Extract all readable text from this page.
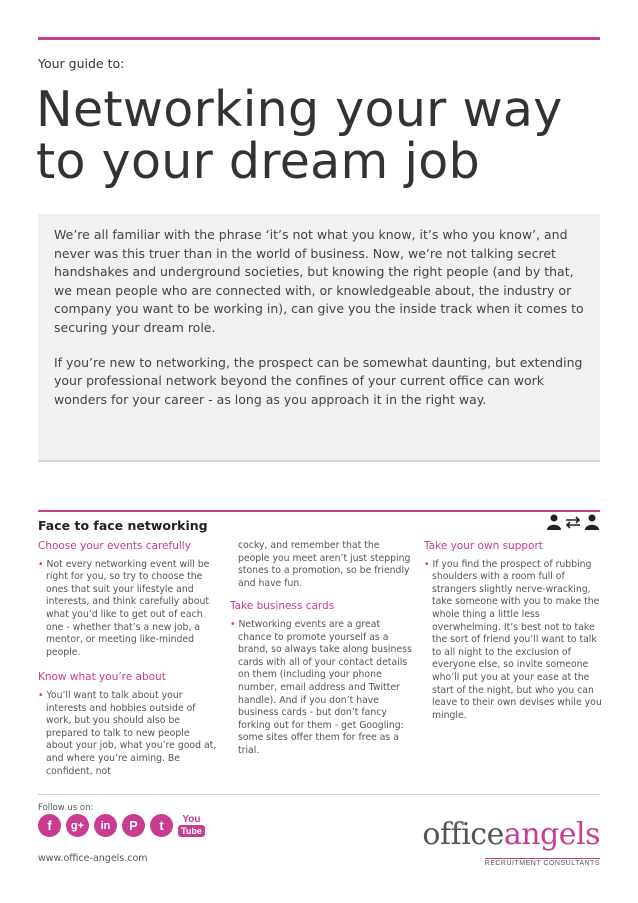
Your guide to:
Networking your way
to your dream job

We’re all familiar with the phrase ‘it’s not what you know, it’s who you know’, and never was this truer than in the world of business. Now, we’re not talking secret handshakes and underground societies, but knowing the right people (and by that, we mean people who are connected with, or knowledgeable about, the industry or company you want to be working in), can give you the inside track when it comes to securing your dream role.

If you’re new to networking, the prospect can be somewhat daunting, but extending your professional network beyond the confines of your current office can work wonders for your career - as long as you approach it in the right way.

Face to face networking
Choose your events carefully
• Not every networking event will be right for you, so try to choose the ones that suit your lifestyle and interests, and think carefully about what you’d like to get out of each one - whether that’s a new job, a mentor, or meeting like-minded people.
Know what you’re about
• You’ll want to talk about your interests and hobbies outside of work, but you should also be prepared to talk to new people about your job, what you’re good at, and where you’re aiming. Be confident, not
cocky, and remember that the people you meet aren’t just stepping stones to a promotion, so be friendly and have fun.
Take business cards
• Networking events are a great chance to promote yourself as a brand, so always take along business cards with all of your contact details on them (including your phone number, email address and Twitter handle). And if you don’t have business cards - but don’t fancy forking out for them - get Googling: some sites offer them for free as a trial.
Take your own support
• If you find the prospect of rubbing shoulders with a room full of strangers slightly nerve-wracking, take someone with you to make the whole thing a little less overwhelming. It’s best not to take the sort of friend you’ll want to talk to all night to the exclusion of everyone else, so invite someone who’ll put you at your ease at the start of the night, but who you can leave to their own devises while you mingle.
Follow us on:
f	g+	in	P	t	You
Tube
www.office-angels.com
officeangels
RECRUITMENT CONSULTANTS
